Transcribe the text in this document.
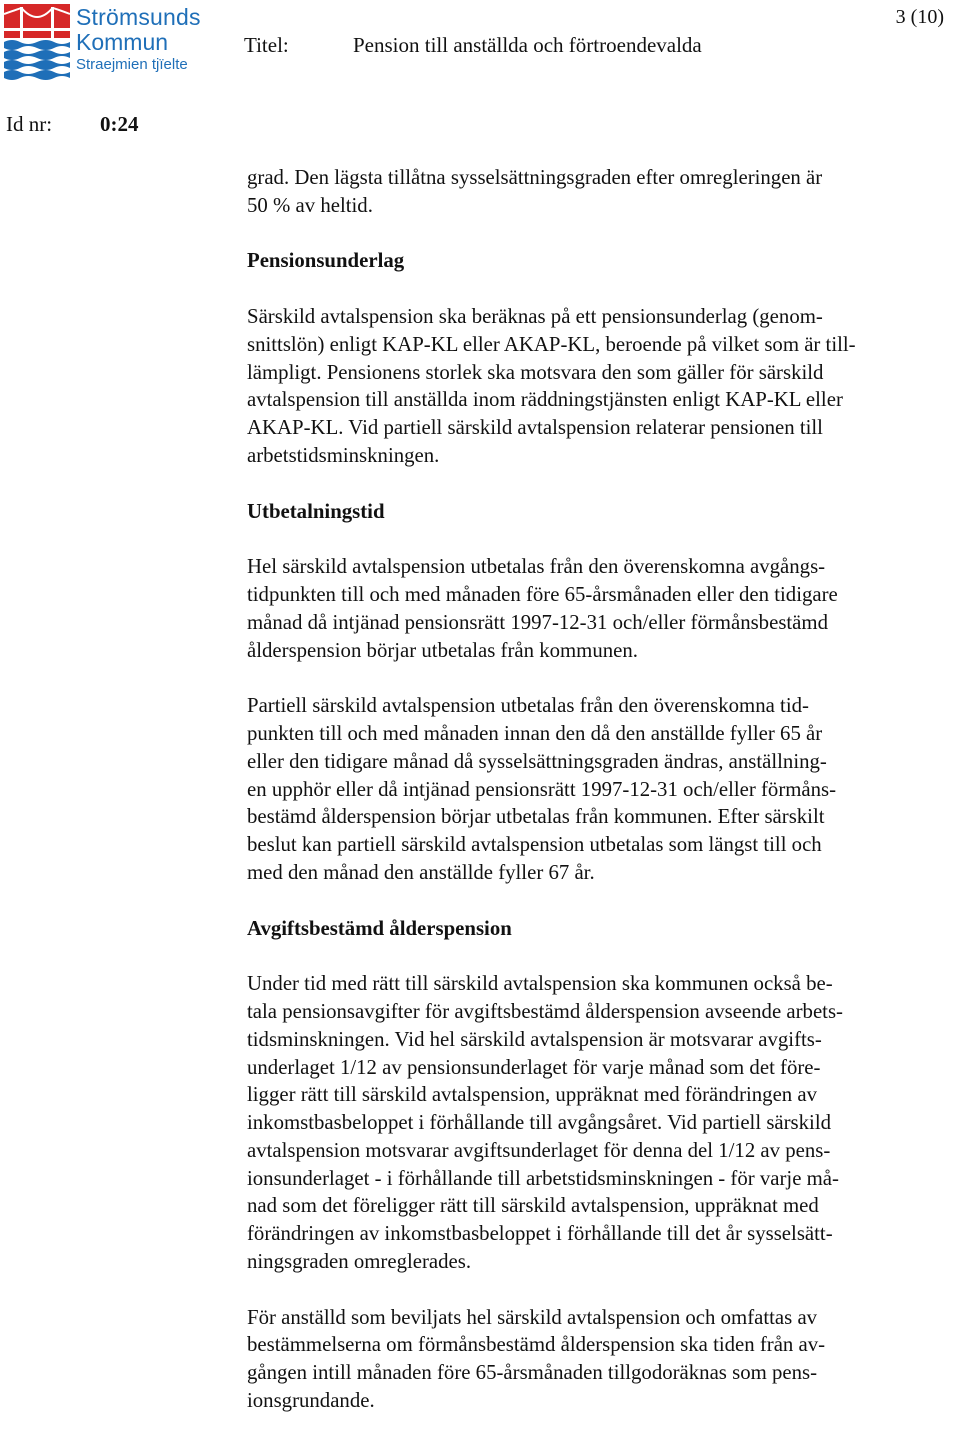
Strömsunds
Kommun
Straejmien tjïelte
3 (10)
Titel:	Pension till anställda och förtroendevalda
Id nr: 0:24

grad. Den lägsta tillåtna sysselsättningsgraden efter omregleringen är
50 % av heltid.

Pensionsunderlag

Särskild avtalspension ska beräknas på ett pensionsunderlag (genom-
snittslön) enligt KAP-KL eller AKAP-KL, beroende på vilket som är till-
lämpligt. Pensionens storlek ska motsvara den som gäller för särskild
avtalspension till anställda inom räddningstjänsten enligt KAP-KL eller
AKAP-KL. Vid partiell särskild avtalspension relaterar pensionen till
arbetstidsminskningen.

Utbetalningstid

Hel särskild avtalspension utbetalas från den överenskomna avgångs-
tidpunkten till och med månaden före 65-årsmånaden eller den tidigare
månad då intjänad pensionsrätt 1997-12-31 och/eller förmånsbestämd
ålderspension börjar utbetalas från kommunen.

Partiell särskild avtalspension utbetalas från den överenskomna tid-
punkten till och med månaden innan den då den anställde fyller 65 år
eller den tidigare månad då sysselsättningsgraden ändras, anställning-
en upphör eller då intjänad pensionsrätt 1997-12-31 och/eller förmåns-
bestämd ålderspension börjar utbetalas från kommunen. Efter särskilt
beslut kan partiell särskild avtalspension utbetalas som längst till och
med den månad den anställde fyller 67 år.

Avgiftsbestämd ålderspension

Under tid med rätt till särskild avtalspension ska kommunen också be-
tala pensionsavgifter för avgiftsbestämd ålderspension avseende arbets-
tidsminskningen. Vid hel särskild avtalspension är motsvarar avgifts-
underlaget 1/12 av pensionsunderlaget för varje månad som det före-
ligger rätt till särskild avtalspension, uppräknat med förändringen av
inkomstbasbeloppet i förhållande till avgångsåret. Vid partiell särskild
avtalspension motsvarar avgiftsunderlaget för denna del 1/12 av pens-
ionsunderlaget - i förhållande till arbetstidsminskningen - för varje må-
nad som det föreligger rätt till särskild avtalspension, uppräknat med
förändringen av inkomstbasbeloppet i förhållande till det år sysselsätt-
ningsgraden omreglerades.

För anställd som beviljats hel särskild avtalspension och omfattas av
bestämmelserna om förmånsbestämd ålderspension ska tiden från av-
gången intill månaden före 65-årsmånaden tillgodoräknas som pens-
ionsgrundande.
